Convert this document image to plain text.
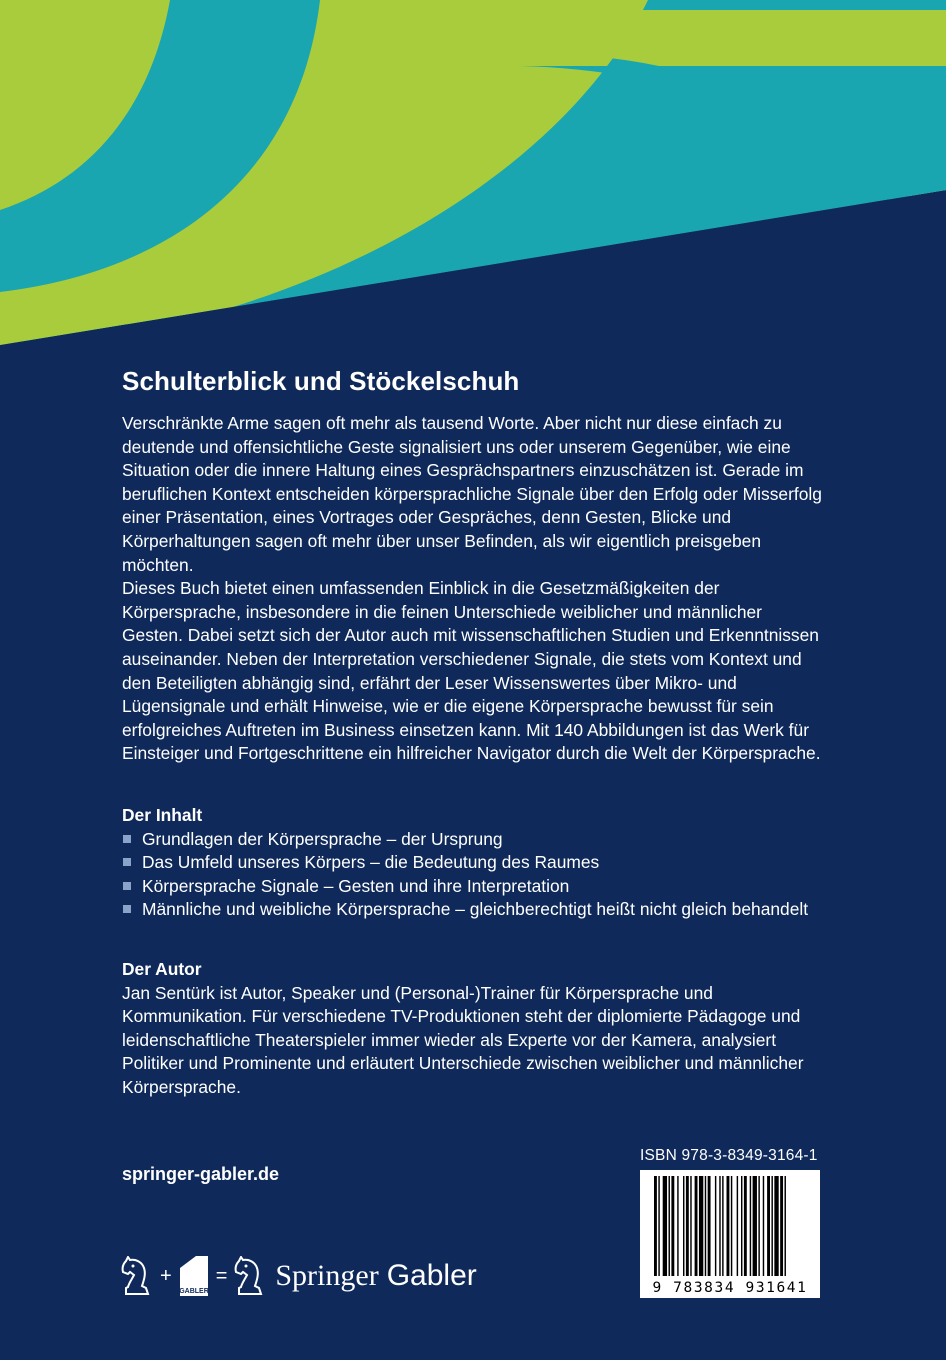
Schulterblick und Stöckelschuh

Verschränkte Arme sagen oft mehr als tausend Worte. Aber nicht nur diese einfach zu deutende und offensichtliche Geste signalisiert uns oder unserem Gegenüber, wie eine Situation oder die innere Haltung eines Gesprächspartners einzuschätzen ist. Gerade im beruflichen Kontext entscheiden körpersprachliche Signale über den Erfolg oder Misserfolg einer Präsentation, eines Vortrages oder Gespräches, denn Gesten, Blicke und Körperhaltungen sagen oft mehr über unser Befinden, als wir eigentlich preisgeben möchten.

Dieses Buch bietet einen umfassenden Einblick in die Gesetzmäßigkeiten der Körpersprache, insbesondere in die feinen Unterschiede weiblicher und männlicher Gesten. Dabei setzt sich der Autor auch mit wissenschaftlichen Studien und Erkenntnissen auseinander. Neben der Interpretation verschiedener Signale, die stets vom Kontext und den Beteiligten abhängig sind, erfährt der Leser Wissenswertes über Mikro- und Lügensignale und erhält Hinweise, wie er die eigene Körpersprache bewusst für sein erfolgreiches Auftreten im Business einsetzen kann. Mit 140 Abbildungen ist das Werk für Einsteiger und Fortgeschrittene ein hilfreicher Navigator durch die Welt der Körpersprache.

Der Inhalt

Grundlagen der Körpersprache – der Ursprung
Das Umfeld unseres Körpers – die Bedeutung des Raumes
Körpersprache Signale – Gesten und ihre Interpretation
Männliche und weibliche Körpersprache – gleichberechtigt heißt nicht gleich behandelt

Der Autor

Jan Sentürk ist Autor, Speaker und (Personal-)Trainer für Körpersprache und Kommunikation. Für verschiedene TV-Produktionen steht der diplomierte Pädagoge und leidenschaftliche Theaterspieler immer wieder als Experte vor der Kamera, analysiert Politiker und Prominente und erläutert Unterschiede zwischen weiblicher und männlicher Körpersprache.

springer-gabler.de
+
GABLER
= Springer Gabler
ISBN 978-3-8349-3164-1
9 783834 931641
